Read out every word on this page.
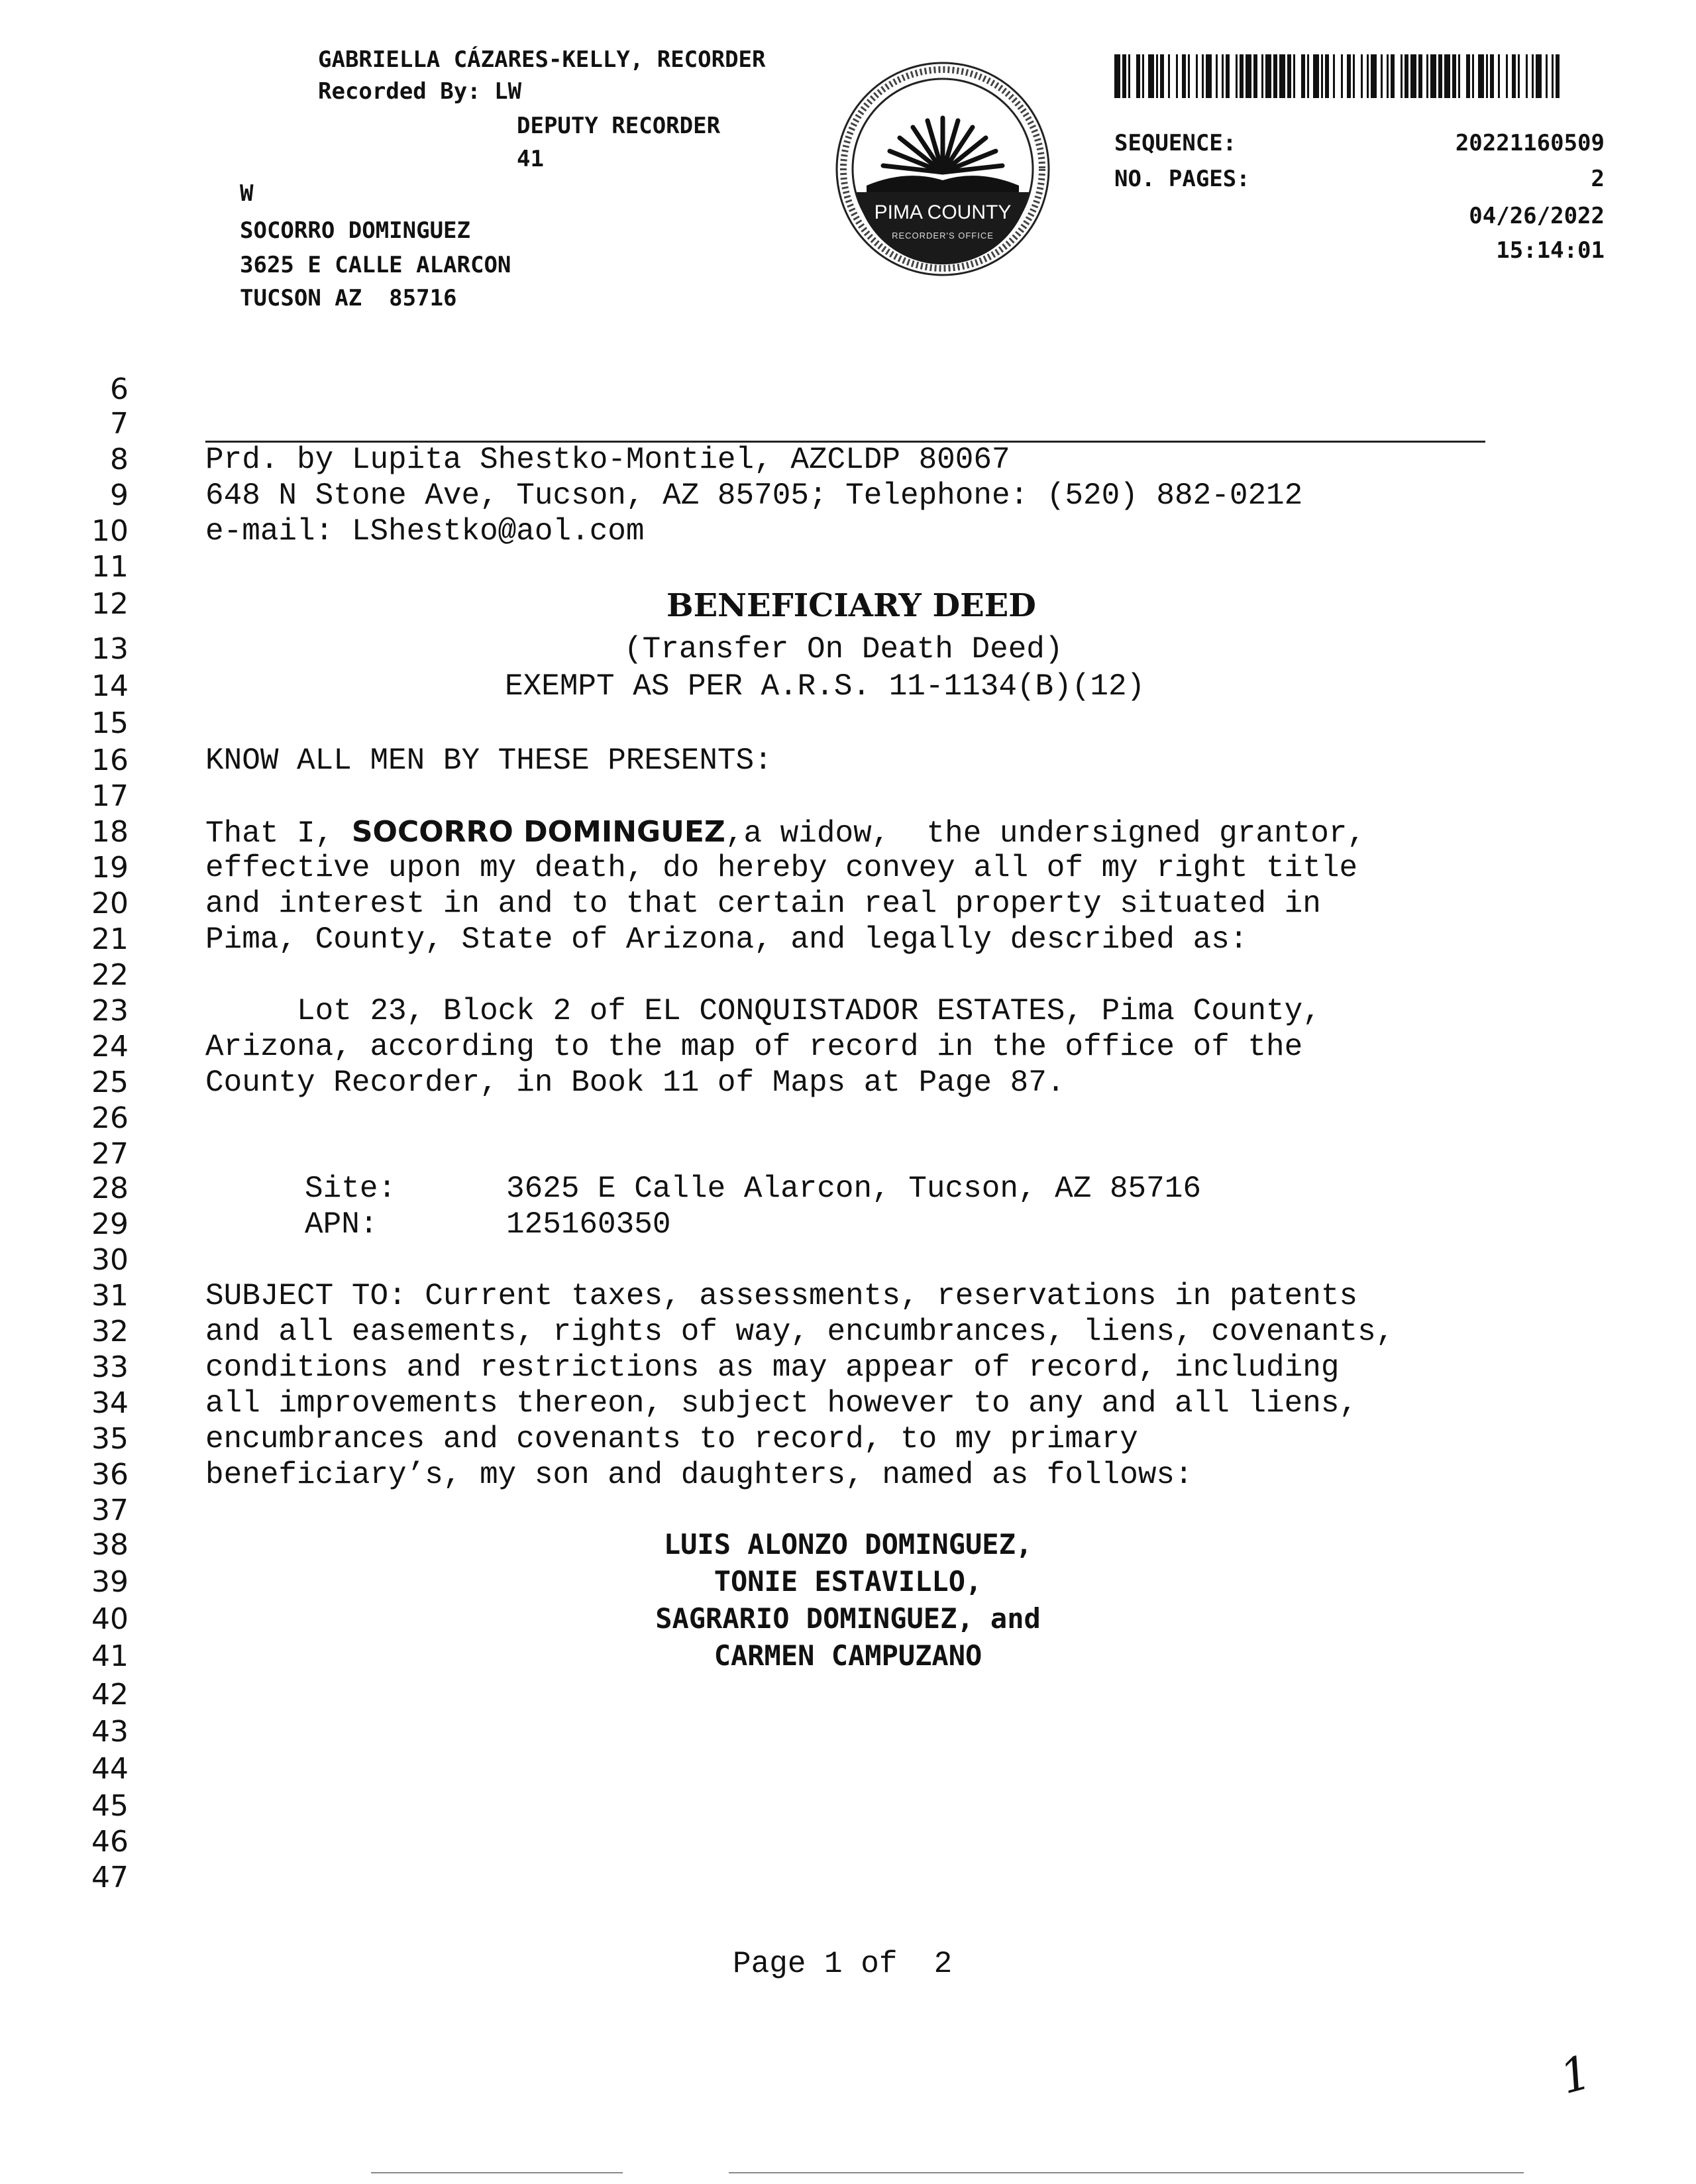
GABRIELLA CÁZARES-KELLY, RECORDER
Recorded By: LW
DEPUTY RECORDER
41
W
SOCORRO DOMINGUEZ
3625 E CALLE ALARCON
TUCSON AZ  85716
PIMA COUNTY
RECORDER'S OFFICE
SEQUENCE:	20221160509
NO. PAGES:	2
04/26/2022
15:14:01
6
7
8
9
10
11
12
13
14
15
16
17
18
19
20
21
22
23
24
25
26
27
28
29
30
31
32
33
34
35
36
37
38
39
40
41
42
43
44
45
46
47
Prd. by Lupita Shestko-Montiel, AZCLDP 80067
648 N Stone Ave, Tucson, AZ 85705; Telephone: (520) 882-0212
e-mail: LShestko@aol.com
BENEFICIARY DEED
(Transfer On Death Deed)
EXEMPT AS PER A.R.S. 11-1134(B)(12)
KNOW ALL MEN BY THESE PRESENTS:
That I, SOCORRO DOMINGUEZ,a widow,  the undersigned grantor,
effective upon my death, do hereby convey all of my right title
and interest in and to that certain real property situated in
Pima, County, State of Arizona, and legally described as:
Lot 23, Block 2 of EL CONQUISTADOR ESTATES, Pima County,
Arizona, according to the map of record in the office of the
County Recorder, in Book 11 of Maps at Page 87.
Site:	3625 E Calle Alarcon, Tucson, AZ 85716
APN:	125160350
SUBJECT TO: Current taxes, assessments, reservations in patents
and all easements, rights of way, encumbrances, liens, covenants,
conditions and restrictions as may appear of record, including
all improvements thereon, subject however to any and all liens,
encumbrances and covenants to record, to my primary
beneficiary’s, my son and daughters, named as follows:
LUIS ALONZO DOMINGUEZ,
TONIE ESTAVILLO,
SAGRARIO DOMINGUEZ, and
CARMEN CAMPUZANO
Page 1 of  2
1
